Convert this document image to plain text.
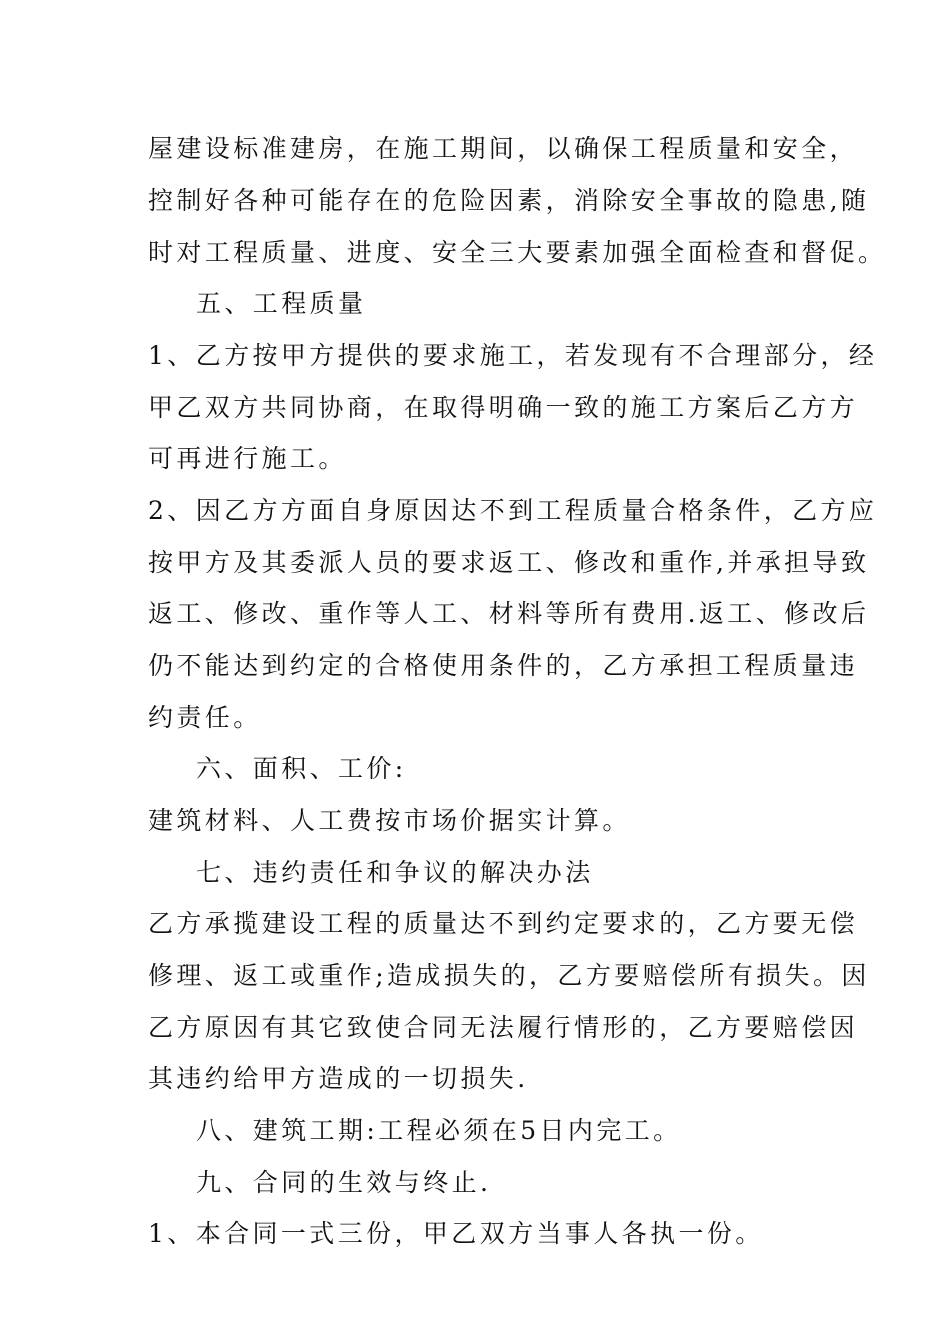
屋建设标准建房，在施工期间，以确保工程质量和安全，
控制好各种可能存在的危险因素，消除安全事故的隐患,随
时对工程质量、进度、安全三大要素加强全面检查和督促。
五、工程质量
1、乙方按甲方提供的要求施工，若发现有不合理部分，经
甲乙双方共同协商，在取得明确一致的施工方案后乙方方
可再进行施工。
2、因乙方方面自身原因达不到工程质量合格条件，乙方应
按甲方及其委派人员的要求返工、修改和重作,并承担导致
返工、修改、重作等人工、材料等所有费用.返工、修改后
仍不能达到约定的合格使用条件的，乙方承担工程质量违
约责任。
六、面积、工价:
建筑材料、人工费按市场价据实计算。
七、违约责任和争议的解决办法
乙方承揽建设工程的质量达不到约定要求的，乙方要无偿
修理、返工或重作;造成损失的，乙方要赔偿所有损失。因
乙方原因有其它致使合同无法履行情形的，乙方要赔偿因
其违约给甲方造成的一切损失.
八、建筑工期:工程必须在5日内完工。
九、合同的生效与终止.
1、本合同一式三份，甲乙双方当事人各执一份。
